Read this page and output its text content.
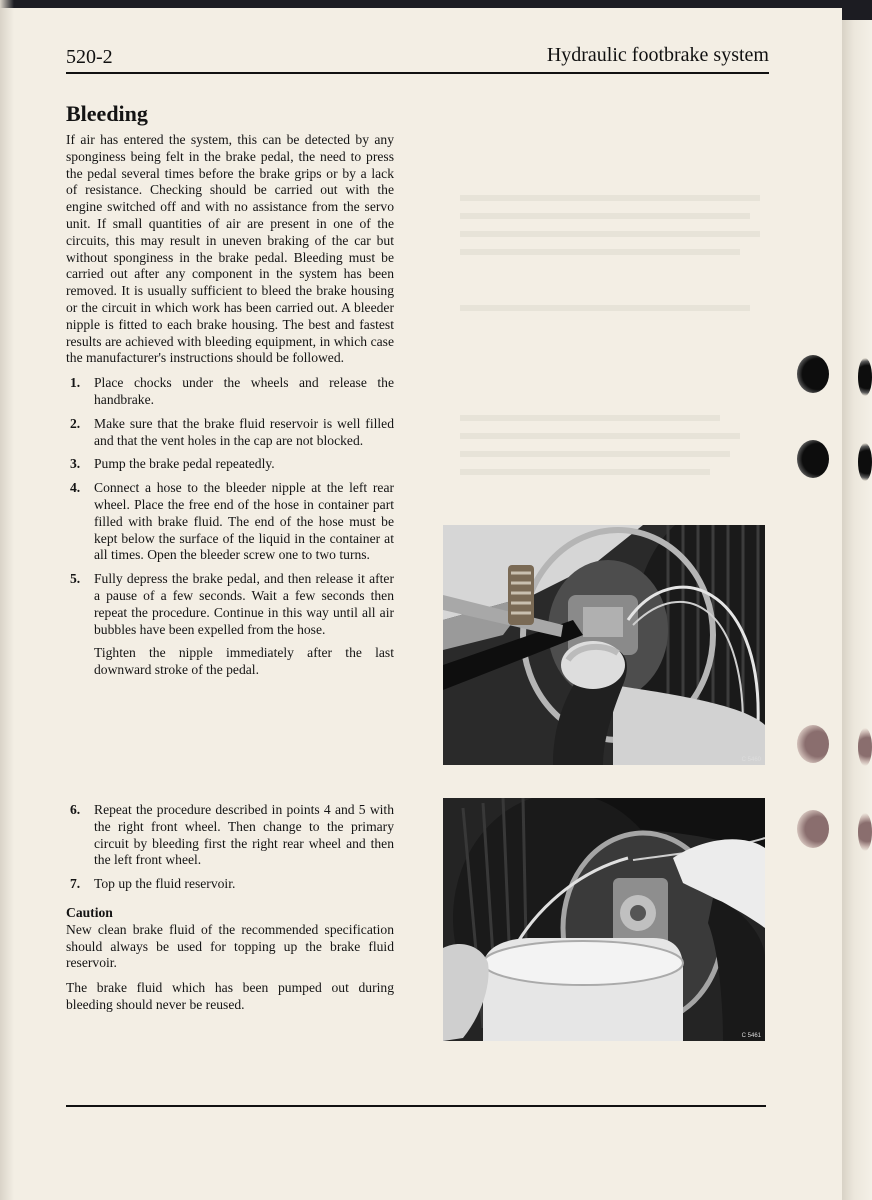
520-2	Hydraulic footbrake system
Bleeding

If air has entered the system, this can be detected by any sponginess being felt in the brake pedal, the need to press the pedal several times before the brake grips or by a lack of resistance. Checking should be carried out with the engine switched off and with no assistance from the servo unit. If small quantities of air are present in one of the circuits, this may result in uneven braking of the car but without sponginess in the brake pedal. Bleeding must be carried out after any component in the system has been removed. It is usually sufficient to bleed the brake housing or the circuit in which work has been carried out. A bleeder nipple is fitted to each brake housing. The best and fastest results are achieved with bleeding equipment, in which case the manufacturer's instructions should be followed.

1. Place chocks under the wheels and release the handbrake.
2. Make sure that the brake fluid reservoir is well filled and that the vent holes in the cap are not blocked.
3. Pump the brake pedal repeatedly.
4. Connect a hose to the bleeder nipple at the left rear wheel. Place the free end of the hose in container part filled with brake fluid. The end of the hose must be kept below the surface of the liquid in the container at all times. Open the bleeder screw one to two turns.
5. Fully depress the brake pedal, and then release it after a pause of a few seconds. Wait a few seconds then repeat the procedure. Continue in this way until all air bubbles have been expelled from the hose.

Tighten the nipple immediately after the last downward stroke of the pedal.

6. Repeat the procedure described in points 4 and 5 with the right front wheel. Then change to the primary circuit by bleeding first the right rear wheel and then the left front wheel.
7. Top up the fluid reservoir.

Caution

New clean brake fluid of the recommended specification should always be used for topping up the brake fluid reservoir.

The brake fluid which has been pumped out during bleeding should never be reused.

C 5460
C 5461
